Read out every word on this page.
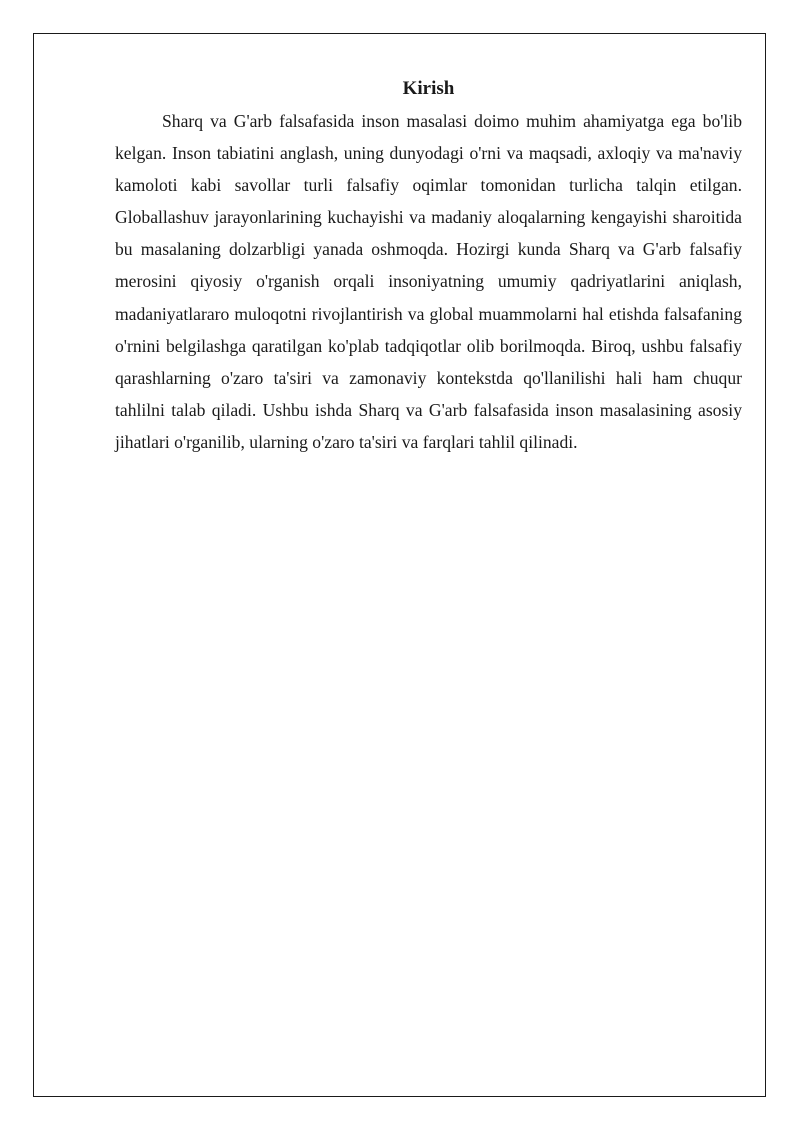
Kirish

Sharq va G'arb falsafasida inson masalasi doimo muhim ahamiyatga ega bo'lib kelgan. Inson tabiatini anglash, uning dunyodagi o'rni va maqsadi, axloqiy va ma'naviy kamoloti kabi savollar turli falsafiy oqimlar tomonidan turlicha talqin etilgan. Globallashuv jarayonlarining kuchayishi va madaniy aloqalarning kengayishi sharoitida bu masalaning dolzarbligi yanada oshmoqda. Hozirgi kunda Sharq va G'arb falsafiy merosini qiyosiy o'rganish orqali insoniyatning umumiy qadriyatlarini aniqlash, madaniyatlararo muloqotni rivojlantirish va global muammolarni hal etishda falsafaning o'rnini belgilashga qaratilgan ko'plab tadqiqotlar olib borilmoqda. Biroq, ushbu falsafiy qarashlarning o'zaro ta'siri va zamonaviy kontekstda qo'llanilishi hali ham chuqur tahlilni talab qiladi. Ushbu ishda Sharq va G'arb falsafasida inson masalasining asosiy jihatlari o'rganilib, ularning o'zaro ta'siri va farqlari tahlil qilinadi.
